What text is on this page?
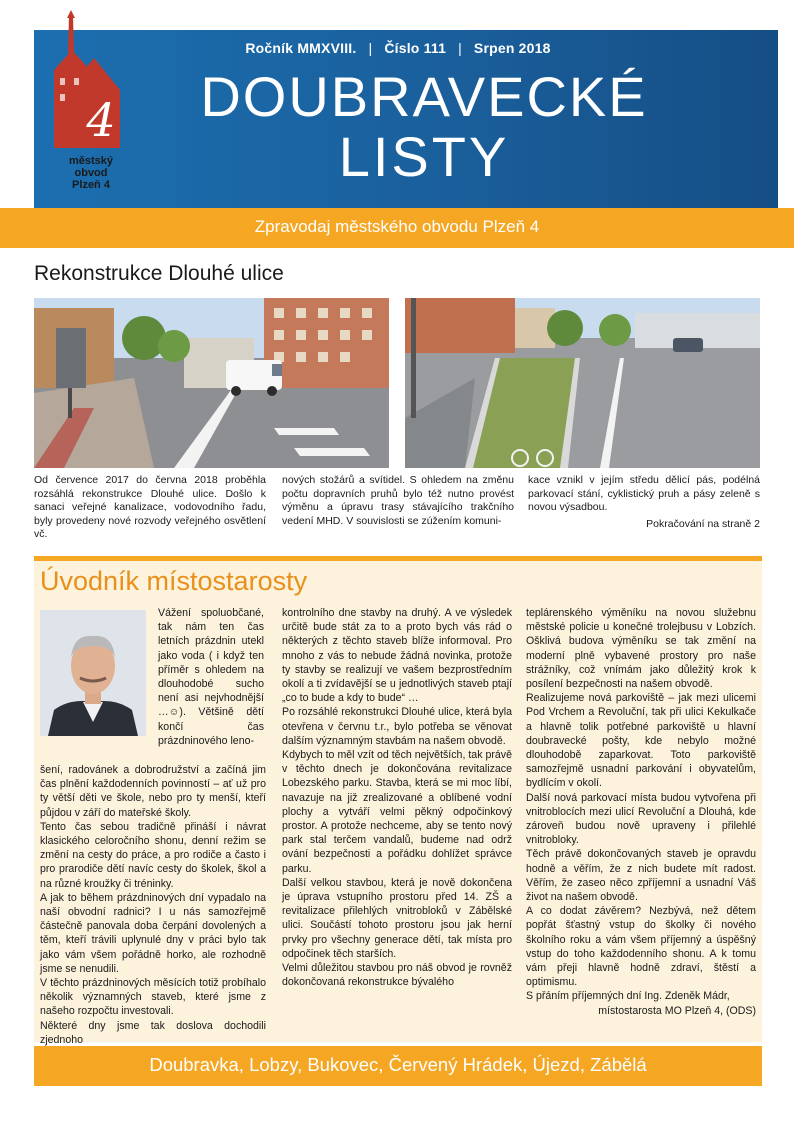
Ročník MMXVIII. | Číslo 111 | Srpen 2018
DOUBRAVECKÉ
LISTY
4
městský
obvod
Plzeň 4
Zpravodaj městského obvodu Plzeň 4
Rekonstrukce Dlouhé ulice
Od července 2017 do června 2018 proběhla rozsáhlá rekonstrukce Dlouhé ulice. Došlo k sanaci veřejné kanalizace, vodovodního řadu, byly provedeny nové rozvody veřejného osvětlení vč.
nových stožárů a svítidel. S ohledem na změnu počtu dopravních pruhů bylo též nutno provést výměnu a úpravu trasy stávajícího trakčního vedení MHD. V souvislosti se zúžením komuni-
kace vznikl v jejím středu dělicí pás, podélná parkovací stání, cyklistický pruh a pásy zeleně s novou výsadbou.
Pokračování na straně 2
Úvodník místostarosty
Vážení spoluobčané, tak nám ten čas letních prázdnin utekl jako voda ( i když ten příměr s ohledem na dlouhodobé sucho není asi nejvhodnější …☺). Většině dětí končí čas prázdninového leno-

šení, radovánek a dobrodružství a začíná jim čas plnění každodenních povinností – ať už pro ty větší děti ve škole, nebo pro ty menší, kteří půjdou v září do mateřské školy.

Tento čas sebou tradičně přináší i návrat klasického celoročního shonu, denní režim se změní na cesty do práce, a pro rodiče a často i pro prarodiče dětí navíc cesty do školek, škol a na různé kroužky či tréninky.

A jak to během prázdninových dní vypadalo na naší obvodní radnici? I u nás samozřejmě částečně panovala doba čerpání dovolených a těm, kteří trávili uplynulé dny v práci bylo tak jako vám všem pořádně horko, ale rozhodně jsme se nenudili.

V těchto prázdninových měsících totiž probíhalo několik významných staveb, které jsme z našeho rozpočtu investovali.

Některé dny jsme tak doslova dochodili zjednoho

kontrolního dne stavby na druhý. A ve výsledek určitě bude stát za to a proto bych vás rád o některých z těchto staveb blíže informoval. Pro mnoho z vás to nebude žádná novinka, protože ty stavby se realizují ve vašem bezprostředním okolí a ti zvídavější se u jednotlivých staveb ptají „co to bude a kdy to bude“ …

Po rozsáhlé rekonstrukci Dlouhé ulice, která byla otevřena v červnu t.r., bylo potřeba se věnovat dalším významným stavbám na našem obvodě.

Kdybych to měl vzít od těch největších, tak právě v těchto dnech je dokončována revitalizace Lobezského parku. Stavba, která se mi moc líbí, navazuje na již zrealizované a oblíbené vodní plochy a vytváří velmi pěkný odpočinkový prostor. A protože nechceme, aby se tento nový park stal terčem vandalů, budeme nad održ ování bezpečnosti a pořádku dohlížet správce parku.

Další velkou stavbou, která je nově dokončena je úprava vstupního prostoru před 14. ZŠ a revitalizace přilehlých vnitrobloků v Zábělské ulici. Součástí tohoto prostoru jsou jak herní prvky pro všechny generace dětí, tak místa pro odpočinek těch starších.

Velmi důležitou stavbou pro náš obvod je rovněž dokončovaná rekonstrukce bývalého

teplárenského výměníku na novou služebnu městské policie u konečné trolejbusu v Lobzích. Ošklivá budova výměníku se tak změní na moderní plně vybavené prostory pro naše strážníky, což vnímám jako důležitý krok k posílení bezpečnosti na našem obvodě.

Realizujeme nová parkoviště – jak mezi ulicemi Pod Vrchem a Revoluční, tak při ulici Kekulkače a hlavně tolik potřebné parkoviště u hlavní doubravecké pošty, kde nebylo možné dlouhodobě zaparkovat. Toto parkoviště samozřejmě usnadní parkování i obyvatelům, bydlícím v okolí.

Další nová parkovací místa budou vytvořena při vnitroblocích mezi ulicí Revoluční a Dlouhá, kde zároveň budou nově upraveny i přilehlé vnitrobloky.

Těch právě dokončovaných staveb je opravdu hodně a věřím, že z nich budete mít radost. Věřím, že zaseo něco zpříjemní a usnadní Váš život na našem obvodě.

A co dodat závěrem? Nezbývá, než dětem popřát šťastný vstup do školky či nového školního roku a vám všem příjemný a úspěšný vstup do toho každodenního shonu. A k tomu vám přeji hlavně hodně zdraví, štěstí a optimismu.

S přáním příjemných dní Ing. Zdeněk Mádr,

místostarosta MO Plzeň 4, (ODS)

Doubravka, Lobzy, Bukovec, Červený Hrádek, Újezd, Zábělá
